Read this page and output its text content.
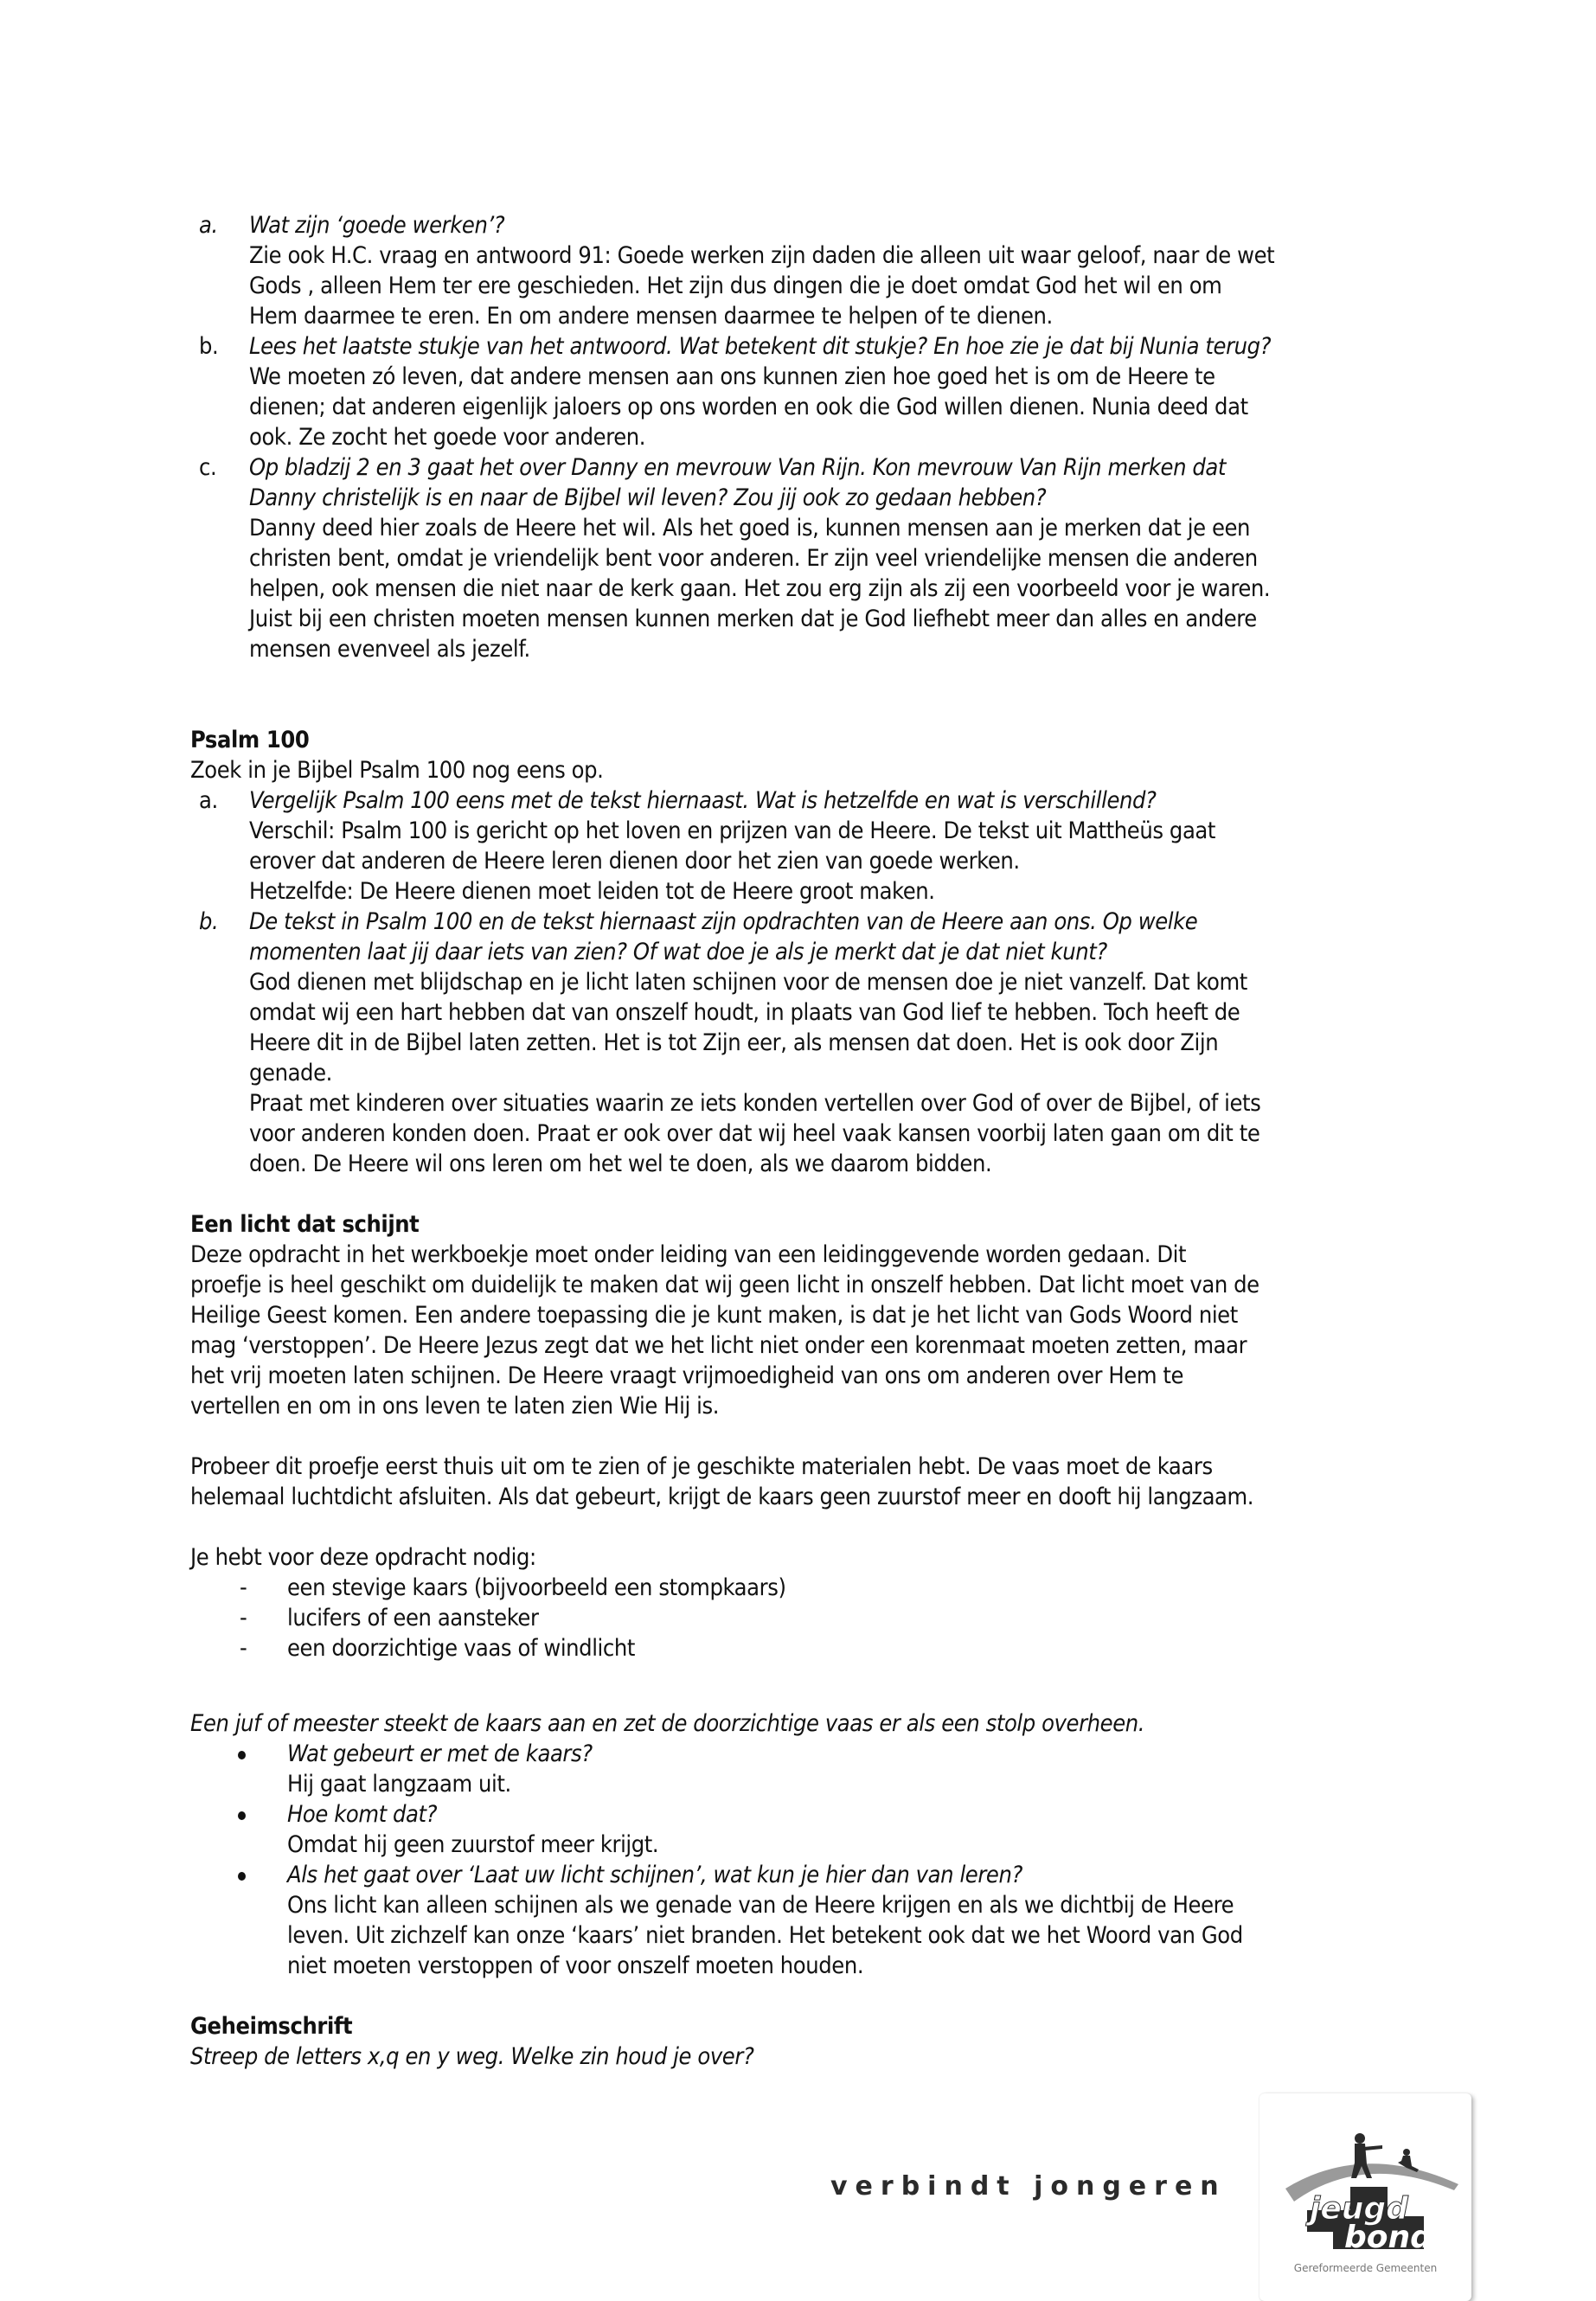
a. Wat zijn ‘goede werken’?
Zie ook H.C. vraag en antwoord 91: Goede werken zijn daden die alleen uit waar geloof, naar de wet
Gods , alleen Hem ter ere geschieden. Het zijn dus dingen die je doet omdat God het wil en om
Hem daarmee te eren. En om andere mensen daarmee te helpen of te dienen.
b. Lees het laatste stukje van het antwoord. Wat betekent dit stukje? En hoe zie je dat bij Nunia terug?
We moeten zó leven, dat andere mensen aan ons kunnen zien hoe goed het is om de Heere te
dienen; dat anderen eigenlijk jaloers op ons worden en ook die God willen dienen. Nunia deed dat
ook. Ze zocht het goede voor anderen.
c. Op bladzij 2 en 3 gaat het over Danny en mevrouw Van Rijn. Kon mevrouw Van Rijn merken dat
Danny christelijk is en naar de Bijbel wil leven? Zou jij ook zo gedaan hebben?
Danny deed hier zoals de Heere het wil. Als het goed is, kunnen mensen aan je merken dat je een
christen bent, omdat je vriendelijk bent voor anderen. Er zijn veel vriendelijke mensen die anderen
helpen, ook mensen die niet naar de kerk gaan. Het zou erg zijn als zij een voorbeeld voor je waren.
Juist bij een christen moeten mensen kunnen merken dat je God liefhebt meer dan alles en andere
mensen evenveel als jezelf.
Psalm 100
Zoek in je Bijbel Psalm 100 nog eens op.
a. Vergelijk Psalm 100 eens met de tekst hiernaast. Wat is hetzelfde en wat is verschillend?
Verschil: Psalm 100 is gericht op het loven en prijzen van de Heere. De tekst uit Mattheüs gaat
erover dat anderen de Heere leren dienen door het zien van goede werken.
Hetzelfde: De Heere dienen moet leiden tot de Heere groot maken.
b. De tekst in Psalm 100 en de tekst hiernaast zijn opdrachten van de Heere aan ons. Op welke
momenten laat jij daar iets van zien? Of wat doe je als je merkt dat je dat niet kunt?
God dienen met blijdschap en je licht laten schijnen voor de mensen doe je niet vanzelf. Dat komt
omdat wij een hart hebben dat van onszelf houdt, in plaats van God lief te hebben. Toch heeft de
Heere dit in de Bijbel laten zetten. Het is tot Zijn eer, als mensen dat doen. Het is ook door Zijn
genade.
Praat met kinderen over situaties waarin ze iets konden vertellen over God of over de Bijbel, of iets
voor anderen konden doen. Praat er ook over dat wij heel vaak kansen voorbij laten gaan om dit te
doen. De Heere wil ons leren om het wel te doen, als we daarom bidden.
Een licht dat schijnt
Deze opdracht in het werkboekje moet onder leiding van een leidinggevende worden gedaan. Dit
proefje is heel geschikt om duidelijk te maken dat wij geen licht in onszelf hebben. Dat licht moet van de
Heilige Geest komen. Een andere toepassing die je kunt maken, is dat je het licht van Gods Woord niet
mag ‘verstoppen’. De Heere Jezus zegt dat we het licht niet onder een korenmaat moeten zetten, maar
het vrij moeten laten schijnen. De Heere vraagt vrijmoedigheid van ons om anderen over Hem te
vertellen en om in ons leven te laten zien Wie Hij is.
Probeer dit proefje eerst thuis uit om te zien of je geschikte materialen hebt. De vaas moet de kaars
helemaal luchtdicht afsluiten. Als dat gebeurt, krijgt de kaars geen zuurstof meer en dooft hij langzaam.
Je hebt voor deze opdracht nodig:
- een stevige kaars (bijvoorbeeld een stompkaars)
- lucifers of een aansteker
- een doorzichtige vaas of windlicht
Een juf of meester steekt de kaars aan en zet de doorzichtige vaas er als een stolp overheen.
Wat gebeurt er met de kaars?
Hij gaat langzaam uit.
Hoe komt dat?
Omdat hij geen zuurstof meer krijgt.
Als het gaat over ‘Laat uw licht schijnen’, wat kun je hier dan van leren?
Ons licht kan alleen schijnen als we genade van de Heere krijgen en als we dichtbij de Heere
leven. Uit zichzelf kan onze ‘kaars’ niet branden. Het betekent ook dat we het Woord van God
niet moeten verstoppen of voor onszelf moeten houden.
Geheimschrift
Streep de letters x,q en y weg. Welke zin houd je over?
verbindt jongeren
jeugd
bond
Gereformeerde Gemeenten
